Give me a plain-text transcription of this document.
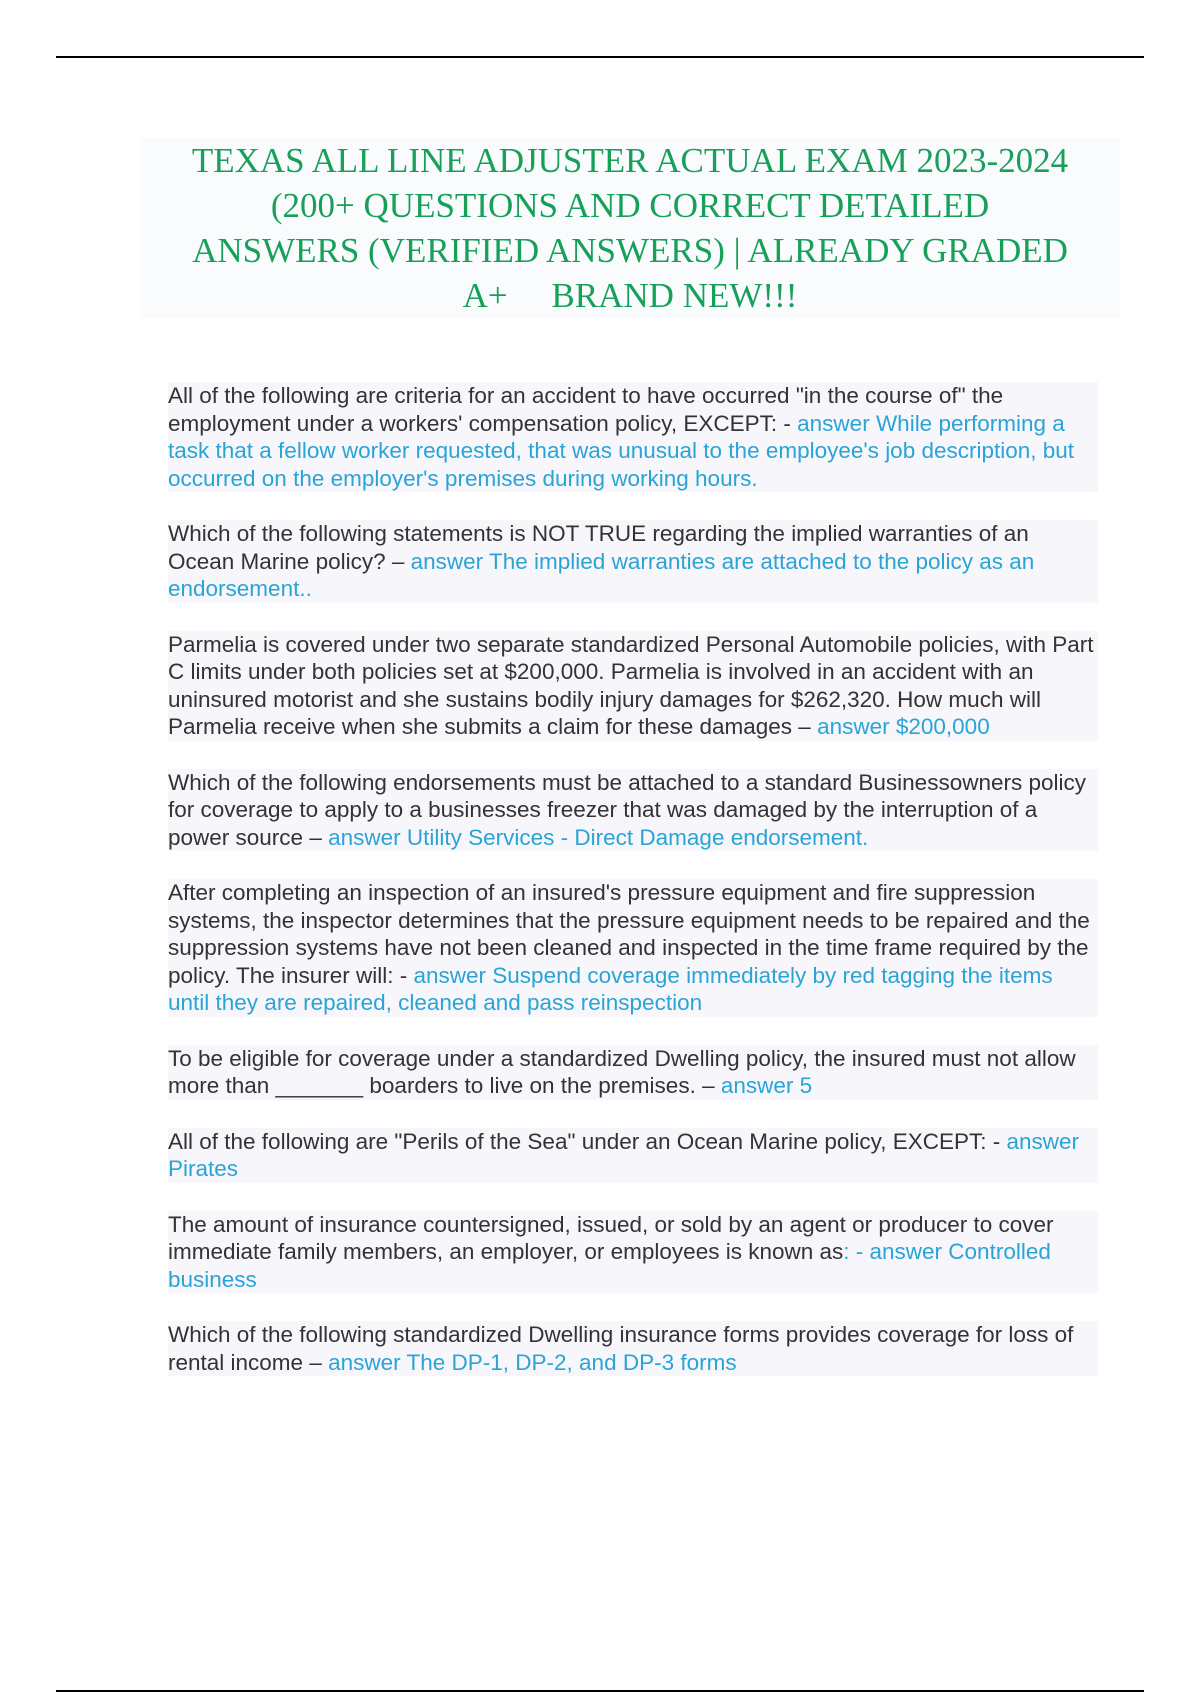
TEXAS ALL LINE ADJUSTER ACTUAL EXAM 2023-2024
(200+ QUESTIONS AND CORRECT DETAILED
ANSWERS (VERIFIED ANSWERS) | ALREADY GRADED
A+     BRAND NEW!!!

All of the following are criteria for an accident to have occurred "in the course of" the employment under a workers' compensation policy, EXCEPT: - answer While performing a task that a fellow worker requested, that was unusual to the employee's job description, but occurred on the employer's premises during working hours.

Which of the following statements is NOT TRUE regarding the implied warranties of an Ocean Marine policy? – answer The implied warranties are attached to the policy as an endorsement..

Parmelia is covered under two separate standardized Personal Automobile policies, with Part C limits under both policies set at $200,000. Parmelia is involved in an accident with an uninsured motorist and she sustains bodily injury damages for $262,320. How much will Parmelia receive when she submits a claim for these damages – answer $200,000

Which of the following endorsements must be attached to a standard Businessowners policy for coverage to apply to a businesses freezer that was damaged by the interruption of a power source – answer Utility Services - Direct Damage endorsement.

After completing an inspection of an insured's pressure equipment and fire suppression systems, the inspector determines that the pressure equipment needs to be repaired and the suppression systems have not been cleaned and inspected in the time frame required by the policy. The insurer will: - answer Suspend coverage immediately by red tagging the items until they are repaired, cleaned and pass reinspection

To be eligible for coverage under a standardized Dwelling policy, the insured must not allow more than _______ boarders to live on the premises. – answer 5

All of the following are "Perils of the Sea" under an Ocean Marine policy, EXCEPT: - answer Pirates

The amount of insurance countersigned, issued, or sold by an agent or producer to cover immediate family members, an employer, or employees is known as: - answer Controlled business

Which of the following standardized Dwelling insurance forms provides coverage for loss of rental income – answer The DP-1, DP-2, and DP-3 forms
